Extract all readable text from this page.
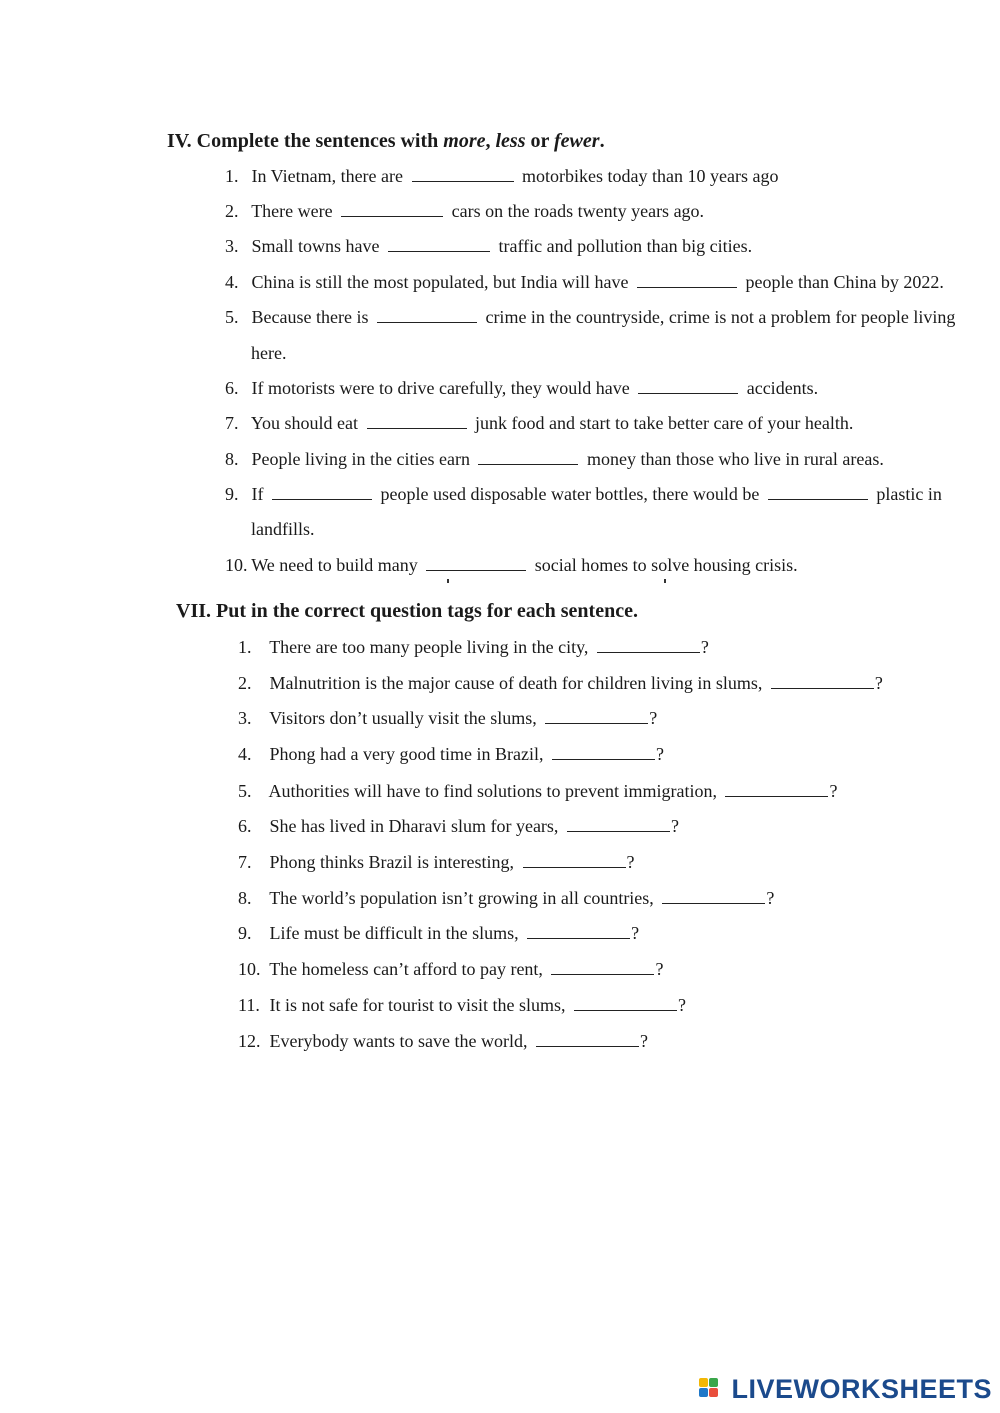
IV. Complete the sentences with more, less or fewer.
1. In Vietnam, there are	motorbikes today than 10 years ago
2. There were	cars on the roads twenty years ago.
3. Small towns have	traffic and pollution than big cities.
4. China is still the most populated, but India will have	people than China by 2022.
5. Because there is	crime in the countryside, crime is not a problem for people living
here.
6. If motorists were to drive carefully, they would have	accidents.
7. You should eat	junk food and start to take better care of your health.
8. People living in the cities earn	money than those who live in rural areas.
9. If	people used disposable water bottles, there would be	plastic in
landfills.
10. We need to build many	social homes to solve housing crisis.
VII. Put in the correct question tags for each sentence.
1. There are too many people living in the city,	?
2. Malnutrition is the major cause of death for children living in slums,	?
3. Visitors don’t usually visit the slums,	?
4. Phong had a very good time in Brazil,	?
5. Authorities will have to find solutions to prevent immigration,	?
6. She has lived in Dharavi slum for years,	?
7. Phong thinks Brazil is interesting,	?
8. The world’s population isn’t growing in all countries,	?
9. Life must be difficult in the slums,	?
10. The homeless can’t afford to pay rent,	?
11. It is not safe for tourist to visit the slums,	?
12. Everybody wants to save the world,	?
LIVEWORKSHEETS
